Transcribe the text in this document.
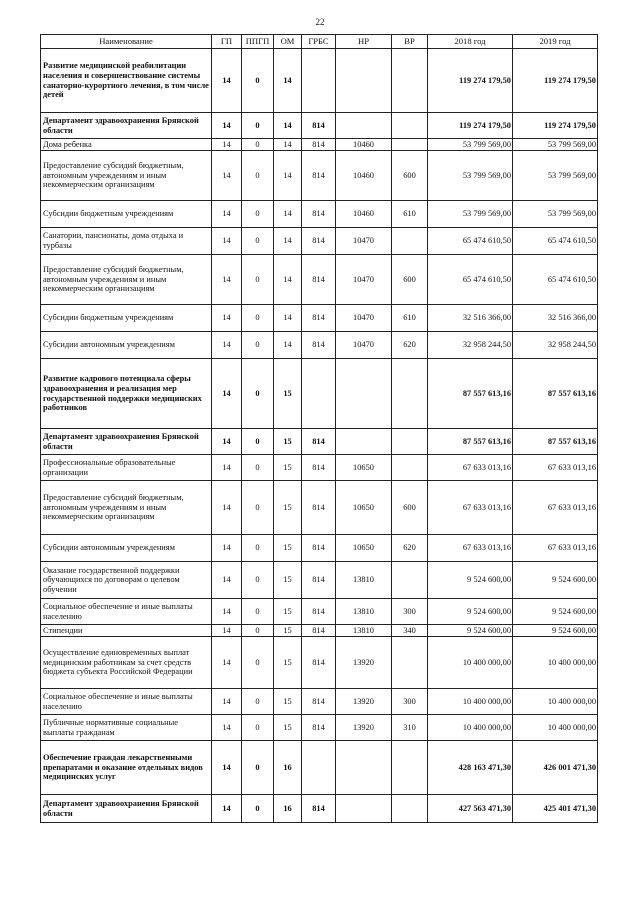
22
Наименование	ГП	ППГП	ОМ	ГРБС	НР	ВР	2018 год	2019 год
Развитие медицинской реабилитации населения и совершенствование системы санаторно-курортного лечения, в том числе детей	14	0	14				119 274 179,50	119 274 179,50
Департамент здравоохранения Брянской области	14	0	14	814			119 274 179,50	119 274 179,50
Дома ребенка	14	0	14	814	10460		53 799 569,00	53 799 569,00
Предоставление субсидий бюджетным, автономным учреждениям и иным некоммерческим организациям	14	0	14	814	10460	600	53 799 569,00	53 799 569,00
Субсидии бюджетным учреждениям	14	0	14	814	10460	610	53 799 569,00	53 799 569,00
Санатории, пансионаты, дома отдыха и турбазы	14	0	14	814	10470		65 474 610,50	65 474 610,50
Предоставление субсидий бюджетным, автономным учреждениям и иным некоммерческим организациям	14	0	14	814	10470	600	65 474 610,50	65 474 610,50
Субсидии бюджетным учреждениям	14	0	14	814	10470	610	32 516 366,00	32 516 366,00
Субсидии автономным учреждениям	14	0	14	814	10470	620	32 958 244,50	32 958 244,50
Развитие кадрового потенциала сферы здравоохранения и реализация мер государственной поддержки медицинских работников	14	0	15				87 557 613,16	87 557 613,16
Департамент здравоохранения Брянской области	14	0	15	814			87 557 613,16	87 557 613,16
Профессиональные образовательные организации	14	0	15	814	10650		67 633 013,16	67 633 013,16
Предоставление субсидий бюджетным, автономным учреждениям и иным некоммерческим организациям	14	0	15	814	10650	600	67 633 013,16	67 633 013,16
Субсидии автономным учреждениям	14	0	15	814	10650	620	67 633 013,16	67 633 013,16
Оказание государственной поддержки обучающихся по договорам о целевом обучении	14	0	15	814	13810		9 524 600,00	9 524 600,00
Социальное обеспечение и иные выплаты населению	14	0	15	814	13810	300	9 524 600,00	9 524 600,00
Стипендии	14	0	15	814	13810	340	9 524 600,00	9 524 600,00
Осуществление единовременных выплат медицинским работникам за счет средств бюджета субъекта Российской Федерации	14	0	15	814	13920		10 400 000,00	10 400 000,00
Социальное обеспечение и иные выплаты населению	14	0	15	814	13920	300	10 400 000,00	10 400 000,00
Публичные нормативные социальные выплаты гражданам	14	0	15	814	13920	310	10 400 000,00	10 400 000,00
Обеспечение граждан лекарственными препаратами и оказание отдельных видов медицинских услуг	14	0	16				428 163 471,30	426 001 471,30
Департамент здравоохранения Брянской области	14	0	16	814			427 563 471,30	425 401 471,30
